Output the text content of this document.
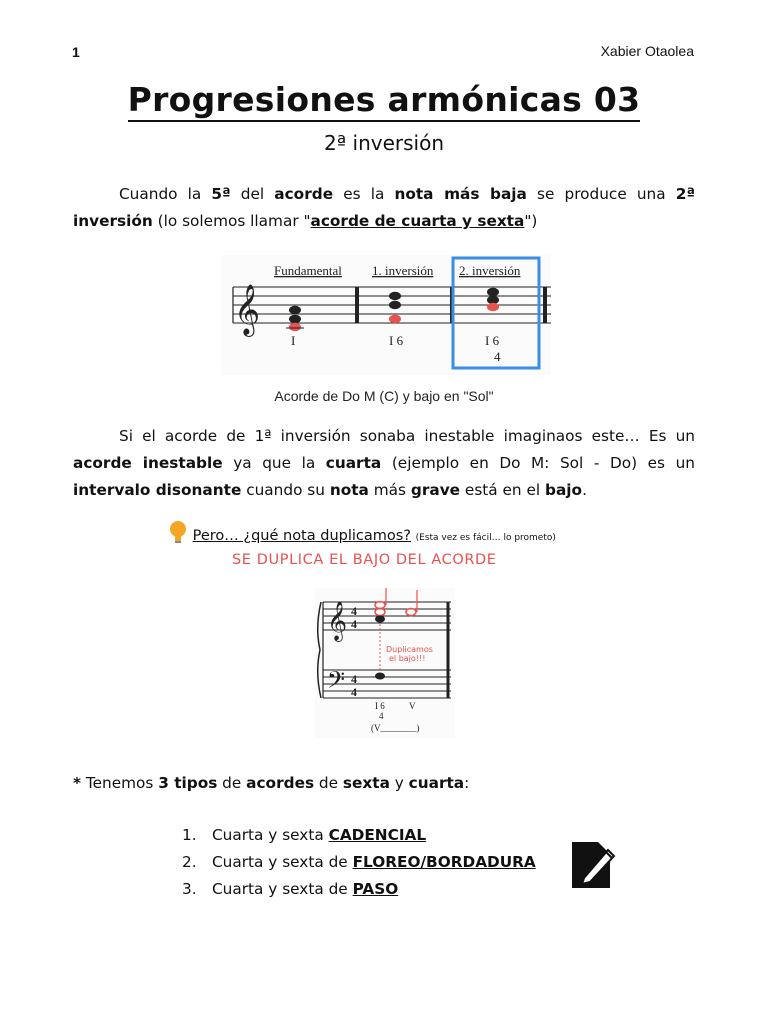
1	Xabier Otaolea
Progresiones armónicas 03
2ª inversión
Cuando la 5ª del acorde es la nota más baja se produce una 2ª inversión (lo solemos llamar "acorde de cuarta y sexta")
𝄞
Fundamental 1. inversión 2. inversión
I	I 6	I 6
4
Acorde de Do M (C) y bajo en "Sol"
Si el acorde de 1ª inversión sonaba inestable imaginaos este… Es un acorde inestable ya que la cuarta (ejemplo en Do M: Sol - Do) es un intervalo disonante cuando su nota más grave está en el bajo.
Pero… ¿qué nota duplicamos? (Esta vez es fácil… lo prometo)
SE DUPLICA EL BAJO DEL ACORDE
𝄞
𝄢
4
4
4
4
Duplicamos
el bajo!!!
I 6
4
V
(V________)
* Tenemos 3 tipos de acordes de sexta y cuarta:
1. Cuarta y sexta CADENCIAL
2. Cuarta y sexta de FLOREO/BORDADURA
3. Cuarta y sexta de PASO
